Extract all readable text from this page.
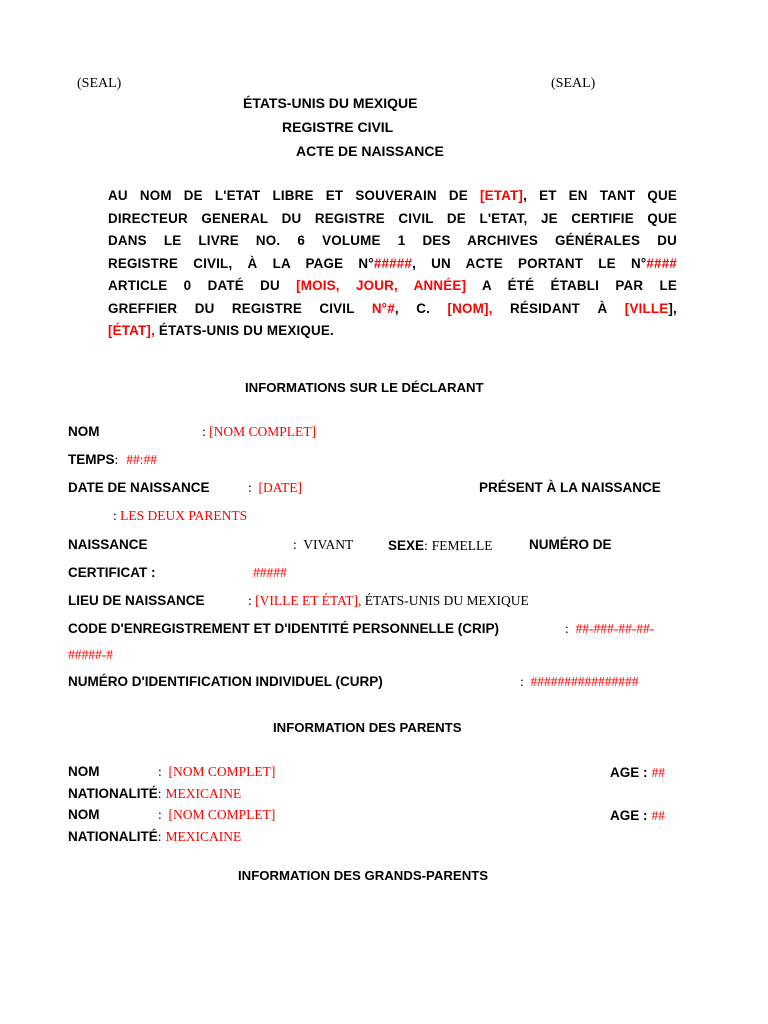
(SEAL)	(SEAL)
ÉTATS-UNIS DU MEXIQUE
REGISTRE CIVIL
ACTE DE NAISSANCE
AU NOM DE L'ETAT LIBRE ET SOUVERAIN DE [ETAT], ET EN TANT QUE
DIRECTEUR GENERAL DU REGISTRE CIVIL DE L'ETAT, JE CERTIFIE QUE
DANS LE LIVRE NO. 6 VOLUME 1 DES ARCHIVES GÉNÉRALES DU
REGISTRE CIVIL, À LA PAGE N°#####, UN ACTE PORTANT LE N°####
ARTICLE 0 DATÉ DU [MOIS, JOUR, ANNÉE] A ÉTÉ ÉTABLI PAR LE
GREFFIER DU REGISTRE CIVIL N°#, C. [NOM], RÉSIDANT À [VILLE],
[ÉTAT], ÉTATS-UNIS DU MEXIQUE.
INFORMATIONS SUR LE DÉCLARANT
NOM	: [NOM COMPLET]
TEMPS: ##:##
DATE DE NAISSANCE	: [DATE]	PRÉSENT À LA NAISSANCE
: LES DEUX PARENTS
NAISSANCE	: VIVANT	SEXE: FEMELLE	NUMÉRO DE
CERTIFICAT :	#####
LIEU DE NAISSANCE	: [VILLE ET ÉTAT], ÉTATS-UNIS DU MEXIQUE
CODE D'ENREGISTREMENT ET D'IDENTITÉ PERSONNELLE (CRIP)	: ##-###-##-##-
#####-#
NUMÉRO D'IDENTIFICATION INDIVIDUEL (CURP)	: ################
INFORMATION DES PARENTS
NOM	: [NOM COMPLET]	AGE : ##
NATIONALITÉ: MEXICAINE
NOM	: [NOM COMPLET]	AGE : ##
NATIONALITÉ: MEXICAINE
INFORMATION DES GRANDS-PARENTS
